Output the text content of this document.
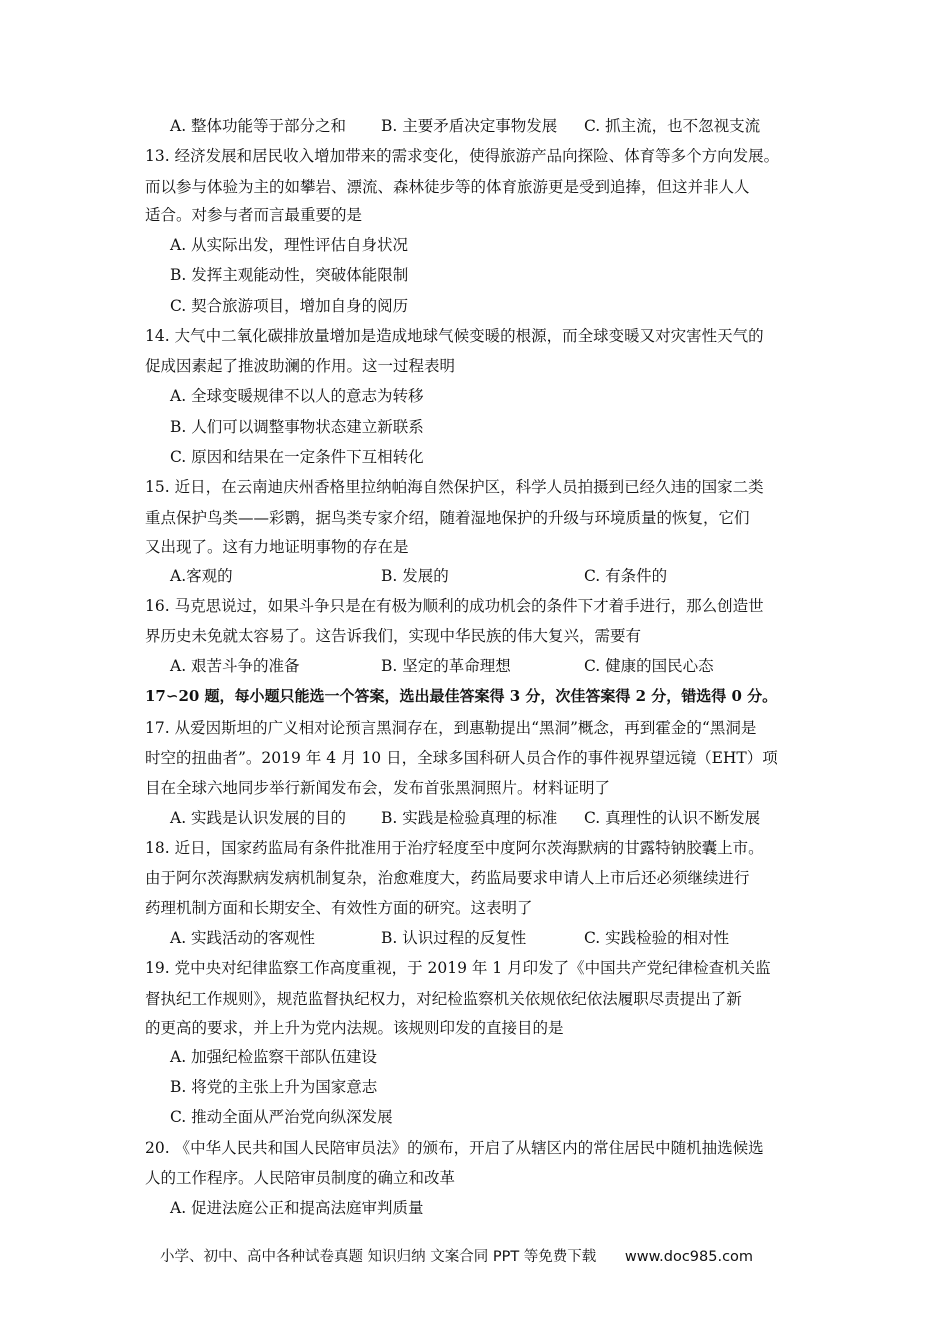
A. 整体功能等于部分之和 B. 主要矛盾决定事物发展 C. 抓主流，也不忽视支流
13. 经济发展和居民收入增加带来的需求变化，使得旅游产品向探险、体育等多个方向发展。
而以参与体验为主的如攀岩、漂流、森林徒步等的体育旅游更是受到追捧，但这并非人人
适合。对参与者而言最重要的是
A. 从实际出发，理性评估自身状况
B. 发挥主观能动性，突破体能限制
C. 契合旅游项目，增加自身的阅历
14. 大气中二氧化碳排放量增加是造成地球气候变暖的根源，而全球变暖又对灾害性天气的
促成因素起了推波助澜的作用。这一过程表明
A. 全球变暖规律不以人的意志为转移
B. 人们可以调整事物状态建立新联系
C. 原因和结果在一定条件下互相转化
15. 近日，在云南迪庆州香格里拉纳帕海自然保护区，科学人员拍摄到已经久违的国家二类
重点保护鸟类——彩鹮，据鸟类专家介绍，随着湿地保护的升级与环境质量的恢复，它们
又出现了。这有力地证明事物的存在是
A.客观的	B. 发展的	C. 有条件的
16. 马克思说过，如果斗争只是在有极为顺利的成功机会的条件下才着手进行，那么创造世
界历史未免就太容易了。这告诉我们，实现中华民族的伟大复兴，需要有
A. 艰苦斗争的准备	B. 坚定的革命理想	C. 健康的国民心态
17∽20 题，每小题只能选一个答案，选出最佳答案得 3 分，次佳答案得 2 分，错选得 0 分。
17. 从爱因斯坦的广义相对论预言黑洞存在，到惠勒提出“黑洞”概念，再到霍金的“黑洞是
时空的扭曲者”。2019 年 4 月 10 日，全球多国科研人员合作的事件视界望远镜（EHT）项
目在全球六地同步举行新闻发布会，发布首张黑洞照片。材料证明了
A. 实践是认识发展的目的 B. 实践是检验真理的标准 C. 真理性的认识不断发展
18. 近日，国家药监局有条件批准用于治疗轻度至中度阿尔茨海默病的甘露特钠胶囊上市。
由于阿尔茨海默病发病机制复杂，治愈难度大，药监局要求申请人上市后还必须继续进行
药理机制方面和长期安全、有效性方面的研究。这表明了
A. 实践活动的客观性	B. 认识过程的反复性	C. 实践检验的相对性
19. 党中央对纪律监察工作高度重视，于 2019 年 1 月印发了《中国共产党纪律检查机关监
督执纪工作规则》，规范监督执纪权力，对纪检监察机关依规依纪依法履职尽责提出了新
的更高的要求，并上升为党内法规。该规则印发的直接目的是
A. 加强纪检监察干部队伍建设
B. 将党的主张上升为国家意志
C. 推动全面从严治党向纵深发展
20. 《中华人民共和国人民陪审员法》的颁布，开启了从辖区内的常住居民中随机抽选候选
人的工作程序。人民陪审员制度的确立和改革
A. 促进法庭公正和提高法庭审判质量
小学、初中、高中各种试卷真题 知识归纳 文案合同 PPT 等免费下载 www.doc985.com
